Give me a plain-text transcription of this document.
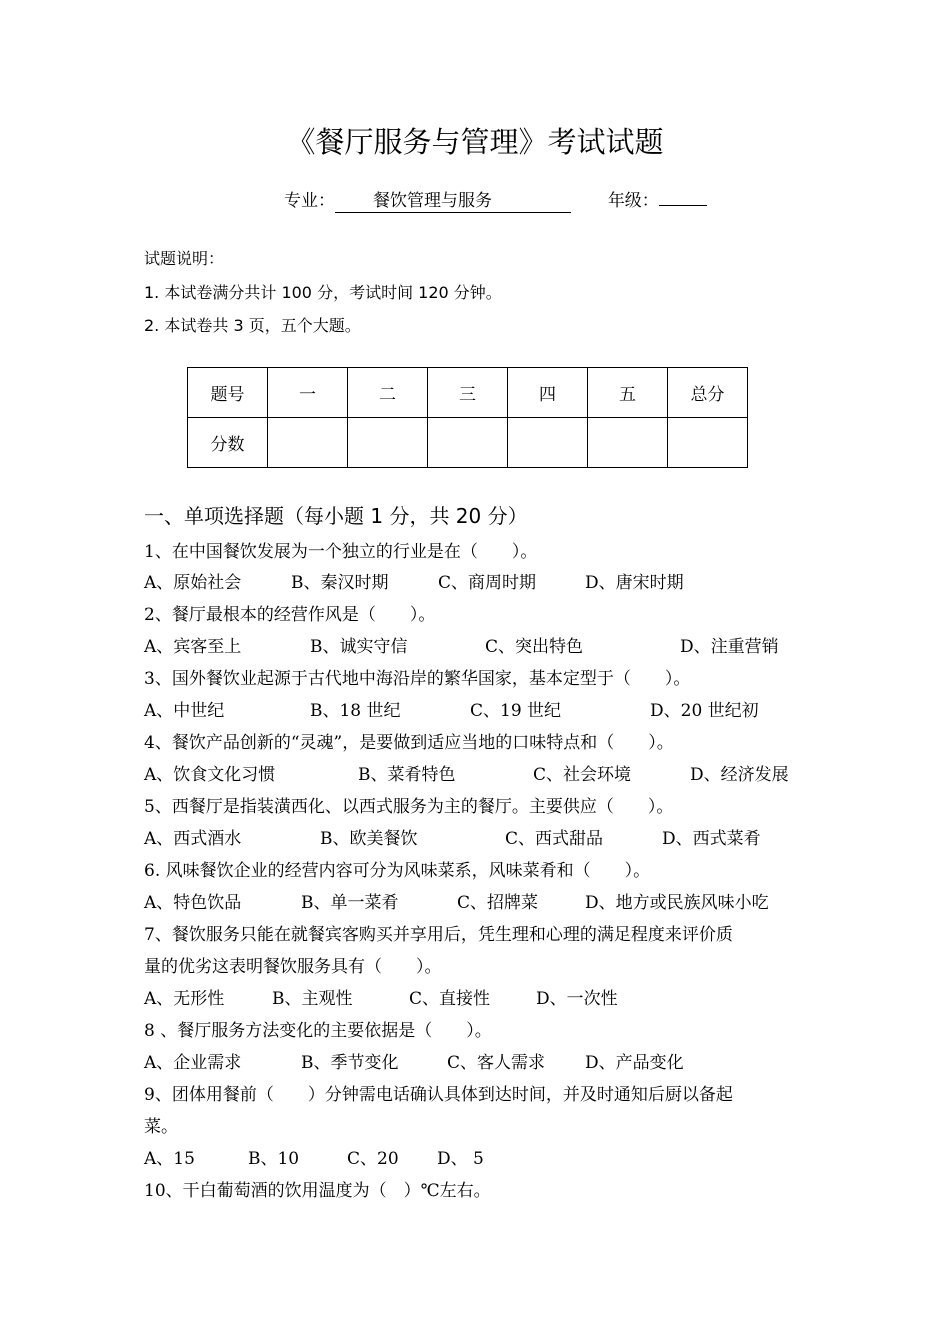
《餐厅服务与管理》考试试题
专业： 餐饮管理与服务	年级：
试题说明：
1. 本试卷满分共计 100 分，考试时间 120 分钟。
2. 本试卷共 3 页，五个大题。
题号	一	二	三	四	五	总分
分数						
一、单项选择题（每小题 1 分，共 20 分）
1、在中国餐饮发展为一个独立的行业是在（　　）。
A、原始社会	B、秦汉时期	C、商周时期	D、唐宋时期
2、餐厅最根本的经营作风是（　　）。
A、宾客至上	B、诚实守信	C、突出特色	D、注重营销
3、国外餐饮业起源于古代地中海沿岸的繁华国家，基本定型于（　　）。
A、中世纪	B、18 世纪	C、19 世纪	D、20 世纪初
4、餐饮产品创新的“灵魂”，是要做到适应当地的口味特点和（　　）。
A、饮食文化习惯	B、菜肴特色	C、社会环境	D、经济发展
5、西餐厅是指装潢西化、以西式服务为主的餐厅。主要供应（　　）。
A、西式酒水	B、欧美餐饮	C、西式甜品	D、西式菜肴
6. 风味餐饮企业的经营内容可分为风味菜系，风味菜肴和（　　）。
A、特色饮品	B、单一菜肴	C、招牌菜	D、地方或民族风味小吃
7、餐饮服务只能在就餐宾客购买并享用后，凭生理和心理的满足程度来评价质
量的优劣这表明餐饮服务具有（　　）。
A、无形性	B、主观性	C、直接性	D、一次性
8 、餐厅服务方法变化的主要依据是（　　）。
A、企业需求	B、季节变化	C、客人需求 D、产品变化
9、团体用餐前（　　）分钟需电话确认具体到达时间，并及时通知后厨以备起
菜。
A、15	B、10	C、20 D、 5
10、干白葡萄酒的饮用温度为（　）℃左右。
